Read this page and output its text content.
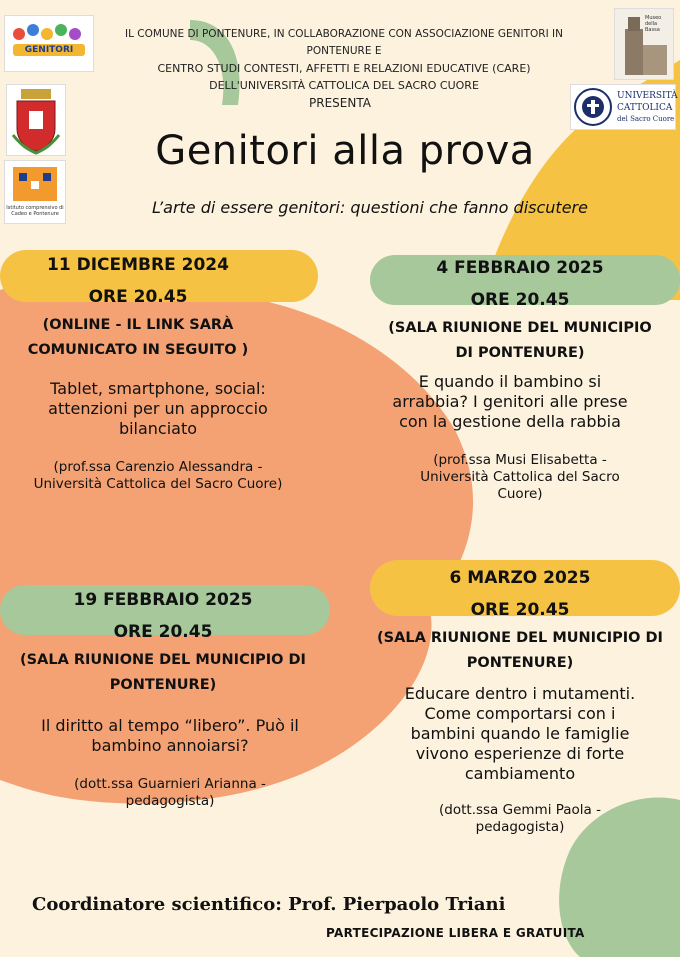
GENITORI
Istituto comprensivo di Cadeo e Pontenure
Museo della Bassa
UNIVERSITÀ
CATTOLICA
del Sacro Cuore
IL COMUNE DI PONTENURE, IN COLLABORAZIONE CON ASSOCIAZIONE GENITORI IN PONTENURE E
CENTRO STUDI CONTESTI, AFFETTI E RELAZIONI EDUCATIVE (CARE)
DELL'UNIVERSITÀ CATTOLICA DEL SACRO CUORE
PRESENTA
Genitori alla prova
L’arte di essere genitori: questioni che fanno discutere
11 DICEMBRE 2024
ORE 20.45
(ONLINE - IL LINK SARÀ
COMUNICATO IN SEGUITO )
Tablet, smartphone, social:
attenzioni per un approccio
bilanciato
(prof.ssa Carenzio Alessandra -
Università Cattolica del Sacro Cuore)
4 FEBBRAIO 2025
ORE 20.45
(SALA RIUNIONE DEL MUNICIPIO
DI PONTENURE)
E quando il bambino si
arrabbia? I genitori alle prese
con la gestione della rabbia
(prof.ssa Musi Elisabetta -
Università Cattolica del Sacro
Cuore)
19 FEBBRAIO 2025
ORE 20.45
(SALA RIUNIONE DEL MUNICIPIO DI
PONTENURE)
Il diritto al tempo “libero”. Può il
bambino annoiarsi?
(dott.ssa Guarnieri Arianna -
pedagogista)
6 MARZO 2025
ORE 20.45
(SALA RIUNIONE DEL MUNICIPIO DI
PONTENURE)
Educare dentro i mutamenti.
Come comportarsi con i
bambini quando le famiglie
vivono esperienze di forte
cambiamento
(dott.ssa Gemmi Paola -
pedagogista)
Coordinatore scientifico: Prof. Pierpaolo Triani
PARTECIPAZIONE LIBERA E GRATUITA
